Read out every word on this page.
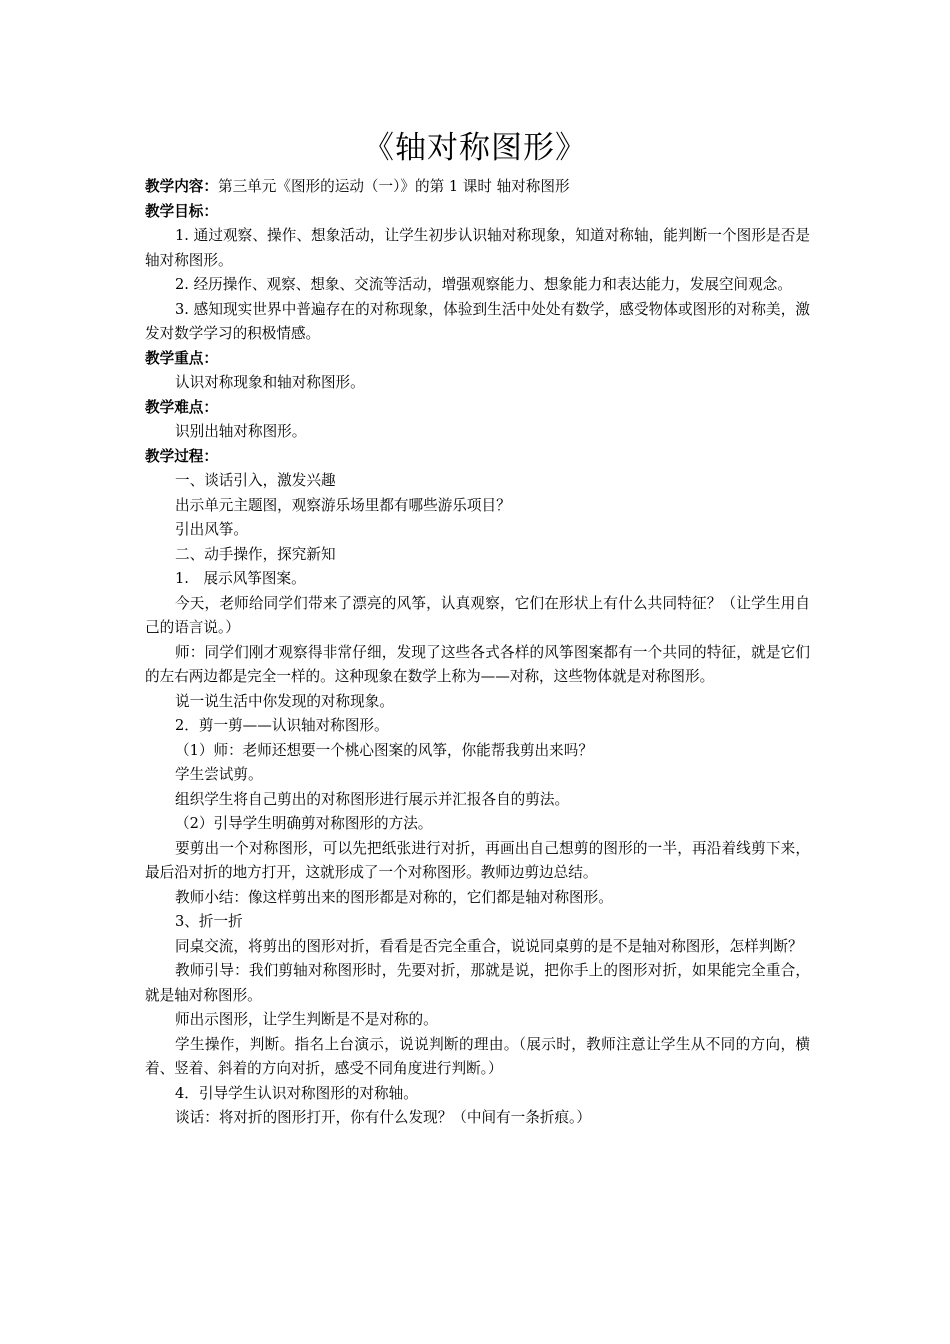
《轴对称图形》
教学内容：第三单元《图形的运动（一）》的第 1 课时 轴对称图形
教学目标：
1. 通过观察、操作、想象活动，让学生初步认识轴对称现象，知道对称轴，能判断一个图形是否是轴对称图形。
2. 经历操作、观察、想象、交流等活动，增强观察能力、想象能力和表达能力，发展空间观念。
3. 感知现实世界中普遍存在的对称现象，体验到生活中处处有数学，感受物体或图形的对称美，激发对数学学习的积极情感。
教学重点：
认识对称现象和轴对称图形。
教学难点：
识别出轴对称图形。
教学过程：
一、谈话引入，激发兴趣
出示单元主题图，观察游乐场里都有哪些游乐项目？
引出风筝。
二、动手操作，探究新知
1.　展示风筝图案。
今天，老师给同学们带来了漂亮的风筝，认真观察，它们在形状上有什么共同特征？（让学生用自己的语言说。）
师：同学们刚才观察得非常仔细，发现了这些各式各样的风筝图案都有一个共同的特征，就是它们的左右两边都是完全一样的。这种现象在数学上称为——对称，这些物体就是对称图形。
说一说生活中你发现的对称现象。
2．剪一剪——认识轴对称图形。
（1）师：老师还想要一个桃心图案的风筝，你能帮我剪出来吗？
学生尝试剪。
组织学生将自己剪出的对称图形进行展示并汇报各自的剪法。
（2）引导学生明确剪对称图形的方法。
要剪出一个对称图形，可以先把纸张进行对折，再画出自己想剪的图形的一半，再沿着线剪下来，最后沿对折的地方打开，这就形成了一个对称图形。教师边剪边总结。
教师小结：像这样剪出来的图形都是对称的，它们都是轴对称图形。
3、折一折
同桌交流，将剪出的图形对折，看看是否完全重合，说说同桌剪的是不是轴对称图形，怎样判断？
教师引导：我们剪轴对称图形时，先要对折，那就是说，把你手上的图形对折，如果能完全重合，就是轴对称图形。
师出示图形，让学生判断是不是对称的。
学生操作，判断。指名上台演示，说说判断的理由。（展示时，教师注意让学生从不同的方向，横着、竖着、斜着的方向对折，感受不同角度进行判断。）
4．引导学生认识对称图形的对称轴。
谈话：将对折的图形打开，你有什么发现？（中间有一条折痕。）
